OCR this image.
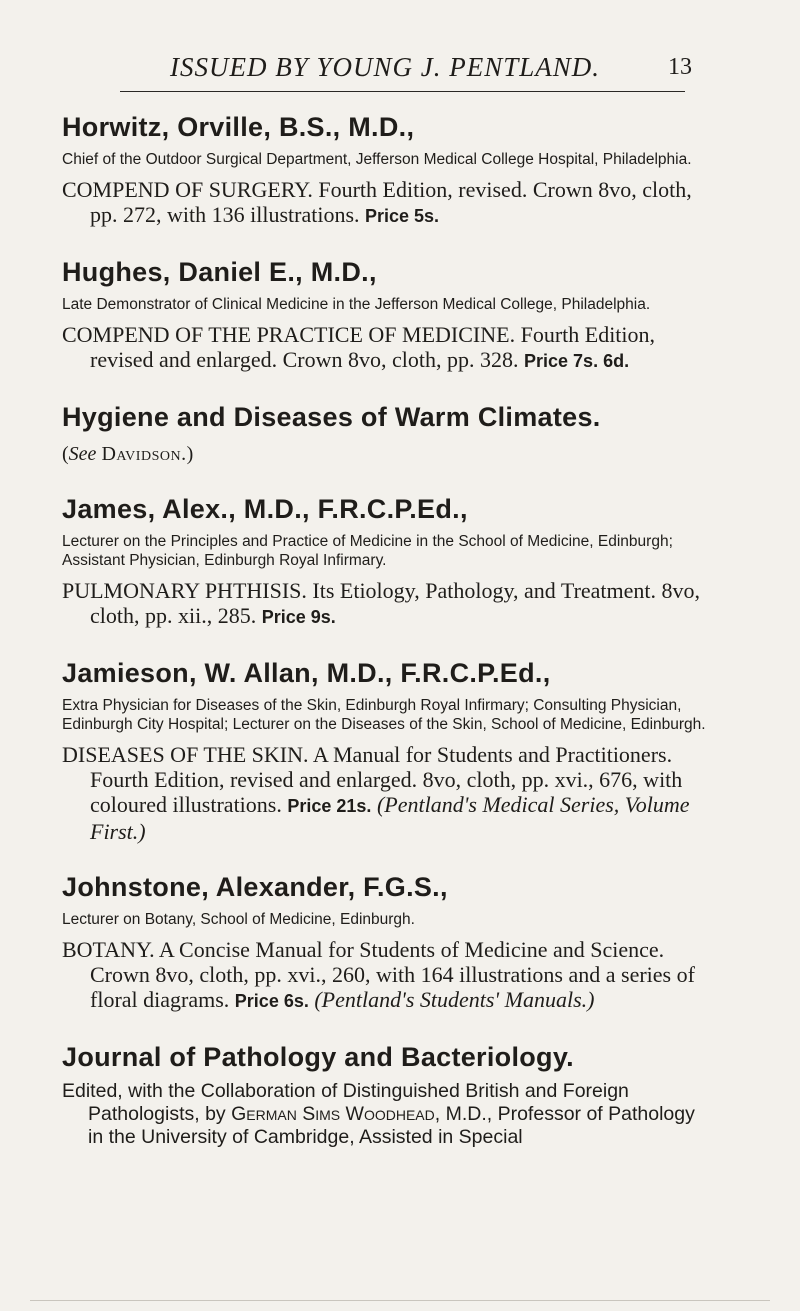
ISSUED BY YOUNG J. PENTLAND.	13

Horwitz, Orville, B.S., M.D.,

Chief of the Outdoor Surgical Department, Jefferson Medical College Hospital, Philadelphia.

COMPEND OF SURGERY. Fourth Edition, revised. Crown 8vo, cloth, pp. 272, with 136 illustrations. Price 5s.

Hughes, Daniel E., M.D.,

Late Demonstrator of Clinical Medicine in the Jefferson Medical College, Philadelphia.

COMPEND OF THE PRACTICE OF MEDICINE. Fourth Edition, revised and enlarged. Crown 8vo, cloth, pp. 328. Price 7s. 6d.

Hygiene and Diseases of Warm Climates.

(See Davidson.)

James, Alex., M.D., F.R.C.P.Ed.,

Lecturer on the Principles and Practice of Medicine in the School of Medicine, Edinburgh; Assistant Physician, Edinburgh Royal Infirmary.

PULMONARY PHTHISIS. Its Etiology, Pathology, and Treatment. 8vo, cloth, pp. xii., 285. Price 9s.

Jamieson, W. Allan, M.D., F.R.C.P.Ed.,

Extra Physician for Diseases of the Skin, Edinburgh Royal Infirmary; Consulting Physician, Edinburgh City Hospital; Lecturer on the Diseases of the Skin, School of Medicine, Edinburgh.

DISEASES OF THE SKIN. A Manual for Students and Practitioners. Fourth Edition, revised and enlarged. 8vo, cloth, pp. xvi., 676, with coloured illustrations. Price 21s. (Pentland's Medical Series, Volume First.)

Johnstone, Alexander, F.G.S.,

Lecturer on Botany, School of Medicine, Edinburgh.

BOTANY. A Concise Manual for Students of Medicine and Science. Crown 8vo, cloth, pp. xvi., 260, with 164 illustrations and a series of floral diagrams. Price 6s. (Pentland's Students' Manuals.)

Journal of Pathology and Bacteriology.

Edited, with the Collaboration of Distinguished British and Foreign Pathologists, by German Sims Woodhead, M.D., Professor of Pathology in the University of Cambridge, Assisted in Special
